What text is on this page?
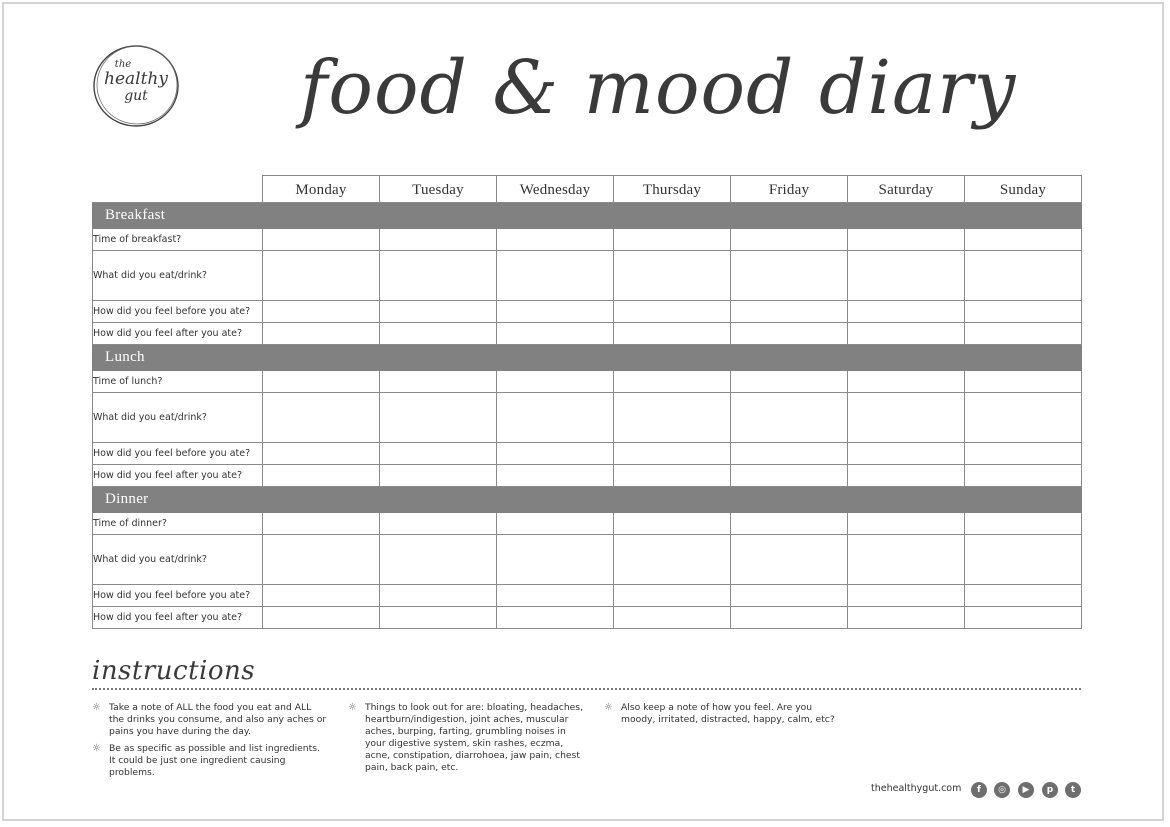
the
healthy
gut	food & mood diary
	Monday	Tuesday	Wednesday	Thursday	Friday	Saturday	Sunday
Breakfast							
Time of breakfast?							
What did you eat/drink?							
How did you feel before you ate?							
How did you feel after you ate?							
Lunch							
Time of lunch?							
What did you eat/drink?							
How did you feel before you ate?							
How did you feel after you ate?							
Dinner							
Time of dinner?							
What did you eat/drink?							
How did you feel before you ate?							
How did you feel after you ate?							
instructions
☼ Take a note of ALL the food you eat and ALL the drinks you consume, and also any aches or pains you have during the day.
☼ Be as specific as possible and list ingredients. It could be just one ingredient causing problems.
☼ Things to look out for are: bloating, headaches, heartburn/indigestion, joint aches, muscular aches, burping, farting, grumbling noises in your digestive system, skin rashes, eczma, acne, constipation, diarrohoea, jaw pain, chest pain, back pain, etc.
☼ Also keep a note of how you feel. Are you moody, irritated, distracted, happy, calm, etc?
thehealthygut.com	f	◎	▶	p	t
